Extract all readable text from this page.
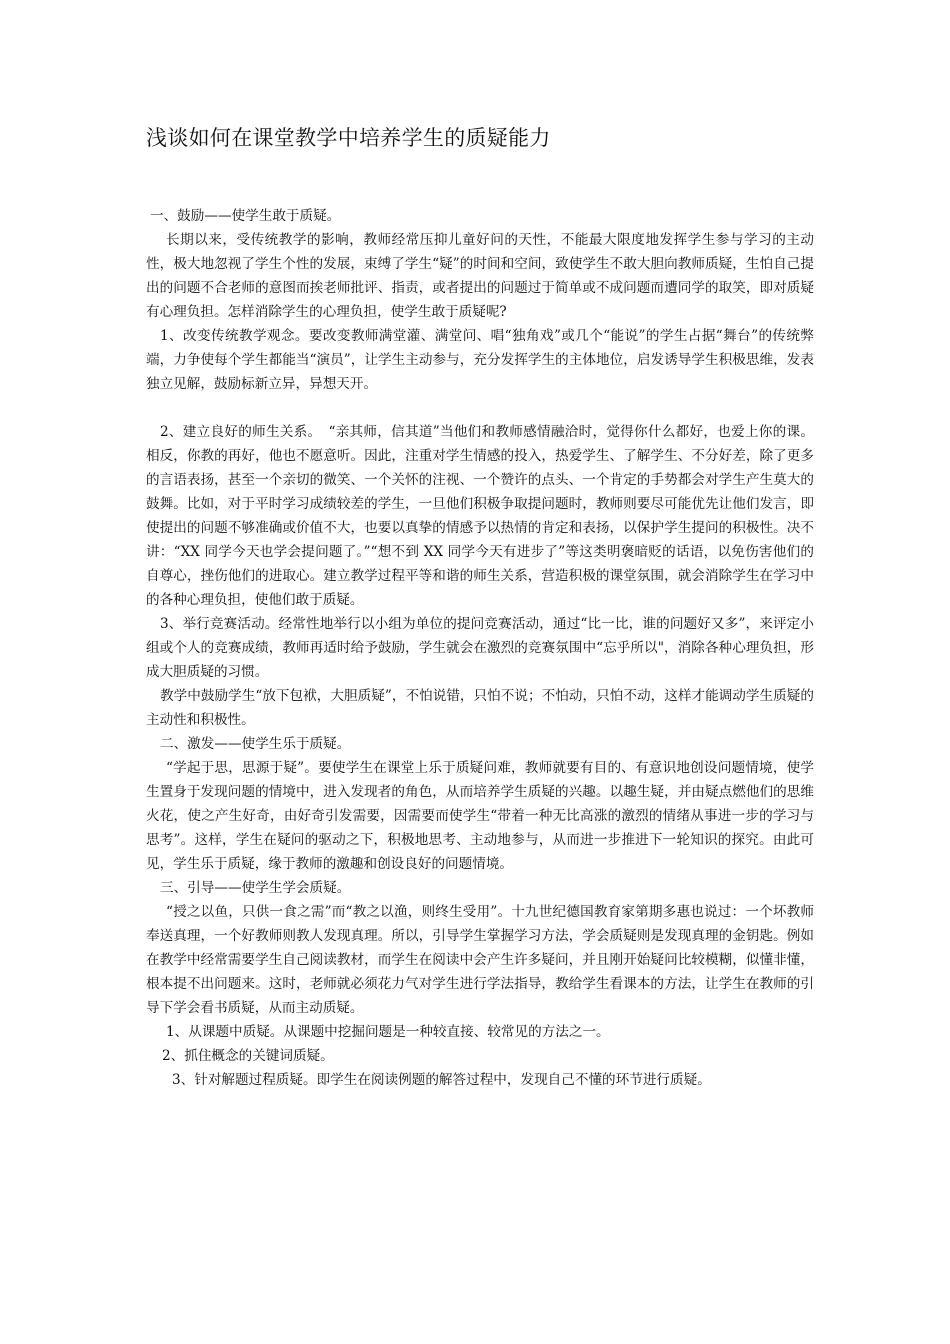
浅谈如何在课堂教学中培养学生的质疑能力

一、鼓励——使学生敢于质疑。

长期以来，受传统教学的影响，教师经常压抑儿童好问的天性，不能最大限度地发挥学生参与学习的主动性，极大地忽视了学生个性的发展，束缚了学生“疑”的时间和空间，致使学生不敢大胆向教师质疑，生怕自己提出的问题不合老师的意图而挨老师批评、指责，或者提出的问题过于简单或不成问题而遭同学的取笑，即对质疑有心理负担。怎样消除学生的心理负担，使学生敢于质疑呢?

1、改变传统教学观念。要改变教师满堂灌、满堂问、唱“独角戏”或几个“能说”的学生占据“舞台”的传统弊端，力争使每个学生都能当“演员”，让学生主动参与，充分发挥学生的主体地位，启发诱导学生积极思维，发表独立见解，鼓励标新立异，异想天开。

2、建立良好的师生关系。　“亲其师，信其道”当他们和教师感情融洽时，觉得你什么都好，也爱上你的课。相反，你教的再好，他也不愿意听。因此，注重对学生情感的投入，热爱学生、了解学生、不分好差，除了更多的言语表扬，甚至一个亲切的微笑、一个关怀的注视、一个赞许的点头、一个肯定的手势都会对学生产生莫大的鼓舞。比如，对于平时学习成绩较差的学生，一旦他们积极争取提问题时，教师则要尽可能优先让他们发言，即使提出的问题不够准确或价值不大，也要以真挚的情感予以热情的肯定和表扬，以保护学生提问的积极性。决不讲：“XX 同学今天也学会提问题了。”“想不到 XX 同学今天有进步了”等这类明褒暗贬的话语，以免伤害他们的自尊心，挫伤他们的进取心。建立教学过程平等和谐的师生关系，营造积极的课堂氛围，就会消除学生在学习中的各种心理负担，使他们敢于质疑。

3、举行竞赛活动。经常性地举行以小组为单位的提问竞赛活动，通过“比一比，谁的问题好又多”，来评定小组或个人的竞赛成绩，教师再适时给予鼓励，学生就会在激烈的竞赛氛围中“忘乎所以"，消除各种心理负担，形成大胆质疑的习惯。

教学中鼓励学生“放下包袱，大胆质疑”，不怕说错，只怕不说；不怕动，只怕不动，这样才能调动学生质疑的主动性和积极性。

二、激发——使学生乐于质疑。

“学起于思，思源于疑”。要使学生在课堂上乐于质疑问难，教师就要有目的、有意识地创设问题情境，使学生置身于发现问题的情境中，进入发现者的角色，从而培养学生质疑的兴趣。以趣生疑，并由疑点燃他们的思维火花，使之产生好奇，由好奇引发需要，因需要而使学生“带着一种无比高涨的激烈的情绪从事进一步的学习与思考”。这样，学生在疑问的驱动之下，积极地思考、主动地参与，从而进一步推进下一轮知识的探究。由此可见，学生乐于质疑，缘于教师的激趣和创设良好的问题情境。

三、引导——使学生学会质疑。

“授之以鱼，只供一食之需”而“教之以渔，则终生受用”。十九世纪德国教育家第期多惠也说过：一个坏教师奉送真理，一个好教师则教人发现真理。所以，引导学生掌握学习方法，学会质疑则是发现真理的金钥匙。例如在教学中经常需要学生自己阅读教材，而学生在阅读中会产生许多疑问，并且刚开始疑问比较模糊，似懂非懂，根本提不出问题来。这时，老师就必须花力气对学生进行学法指导，教给学生看课本的方法，让学生在教师的引导下学会看书质疑，从而主动质疑。

1、从课题中质疑。从课题中挖掘问题是一种较直接、较常见的方法之一。

2、抓住概念的关键词质疑。

3、针对解题过程质疑。即学生在阅读例题的解答过程中，发现自己不懂的环节进行质疑。
